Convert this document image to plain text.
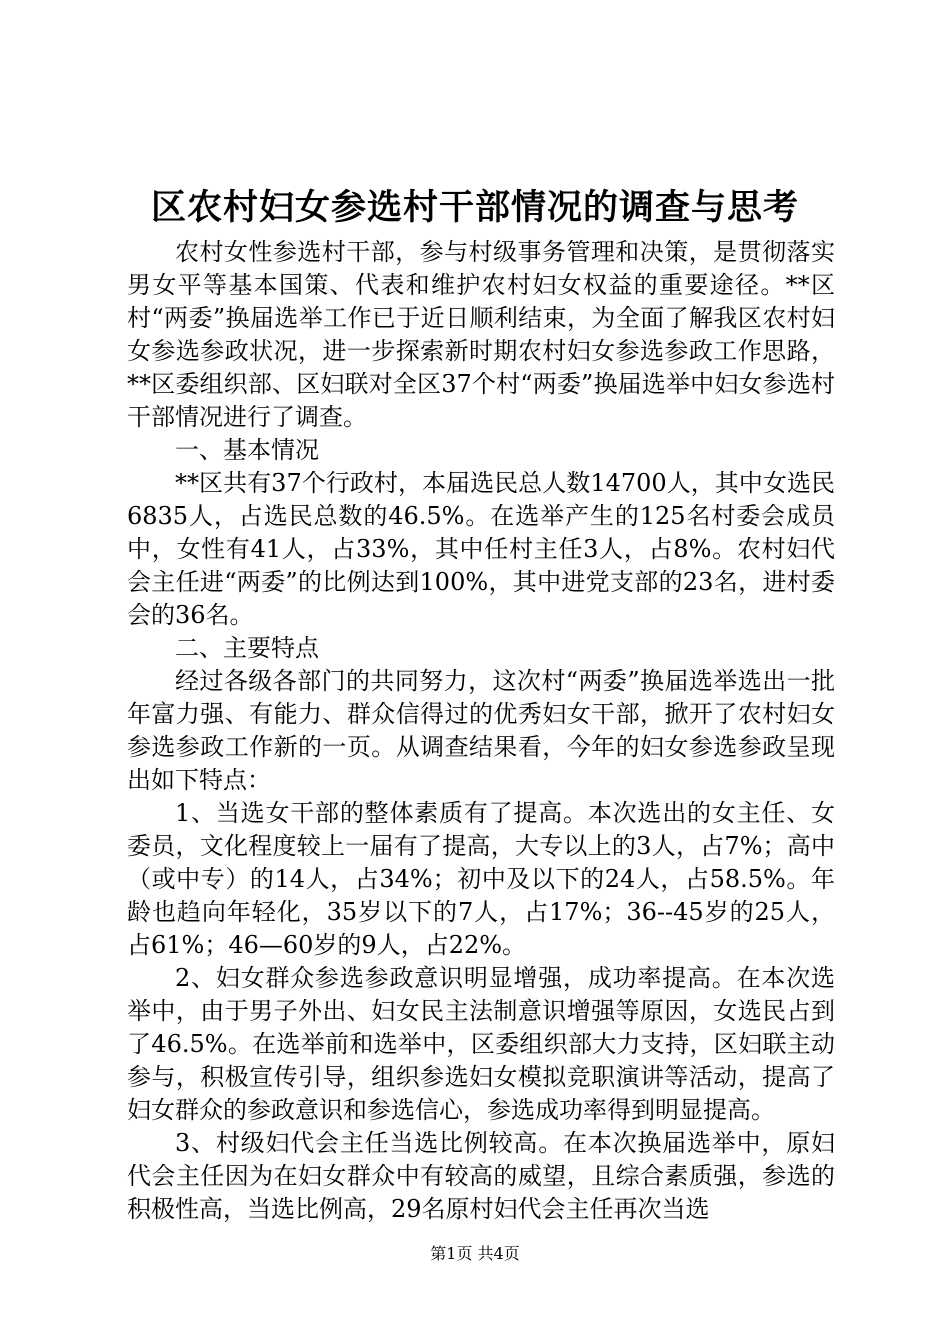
区农村妇女参选村干部情况的调查与思考

农村女性参选村干部，参与村级事务管理和决策，是贯彻落实男女平等基本国策、代表和维护农村妇女权益的重要途径。**区村“两委”换届选举工作已于近日顺利结束，为全面了解我区农村妇女参选参政状况，进一步探索新时期农村妇女参选参政工作思路，**区委组织部、区妇联对全区37个村“两委”换届选举中妇女参选村干部情况进行了调查。

一、基本情况

**区共有37个行政村，本届选民总人数14700人，其中女选民6835人，占选民总数的46.5%。在选举产生的125名村委会成员中，女性有41人，占33%，其中任村主任3人，占8%。农村妇代会主任进“两委”的比例达到100%，其中进党支部的23名，进村委会的36名。

二、主要特点

经过各级各部门的共同努力，这次村“两委”换届选举选出一批年富力强、有能力、群众信得过的优秀妇女干部，掀开了农村妇女参选参政工作新的一页。从调查结果看，今年的妇女参选参政呈现出如下特点：

1、当选女干部的整体素质有了提高。本次选出的女主任、女委员，文化程度较上一届有了提高，大专以上的3人，占7%；高中（或中专）的14人，占34%；初中及以下的24人，占58.5%。年龄也趋向年轻化，35岁以下的7人，占17%；36--45岁的25人，占61%；46—60岁的9人，占22%。

2、妇女群众参选参政意识明显增强，成功率提高。在本次选举中，由于男子外出、妇女民主法制意识增强等原因，女选民占到了46.5%。在选举前和选举中，区委组织部大力支持，区妇联主动参与，积极宣传引导，组织参选妇女模拟竞职演讲等活动，提高了妇女群众的参政意识和参选信心，参选成功率得到明显提高。

3、村级妇代会主任当选比例较高。在本次换届选举中，原妇代会主任因为在妇女群众中有较高的威望，且综合素质强，参选的积极性高，当选比例高，29名原村妇代会主任再次当选

第1页 共4页
